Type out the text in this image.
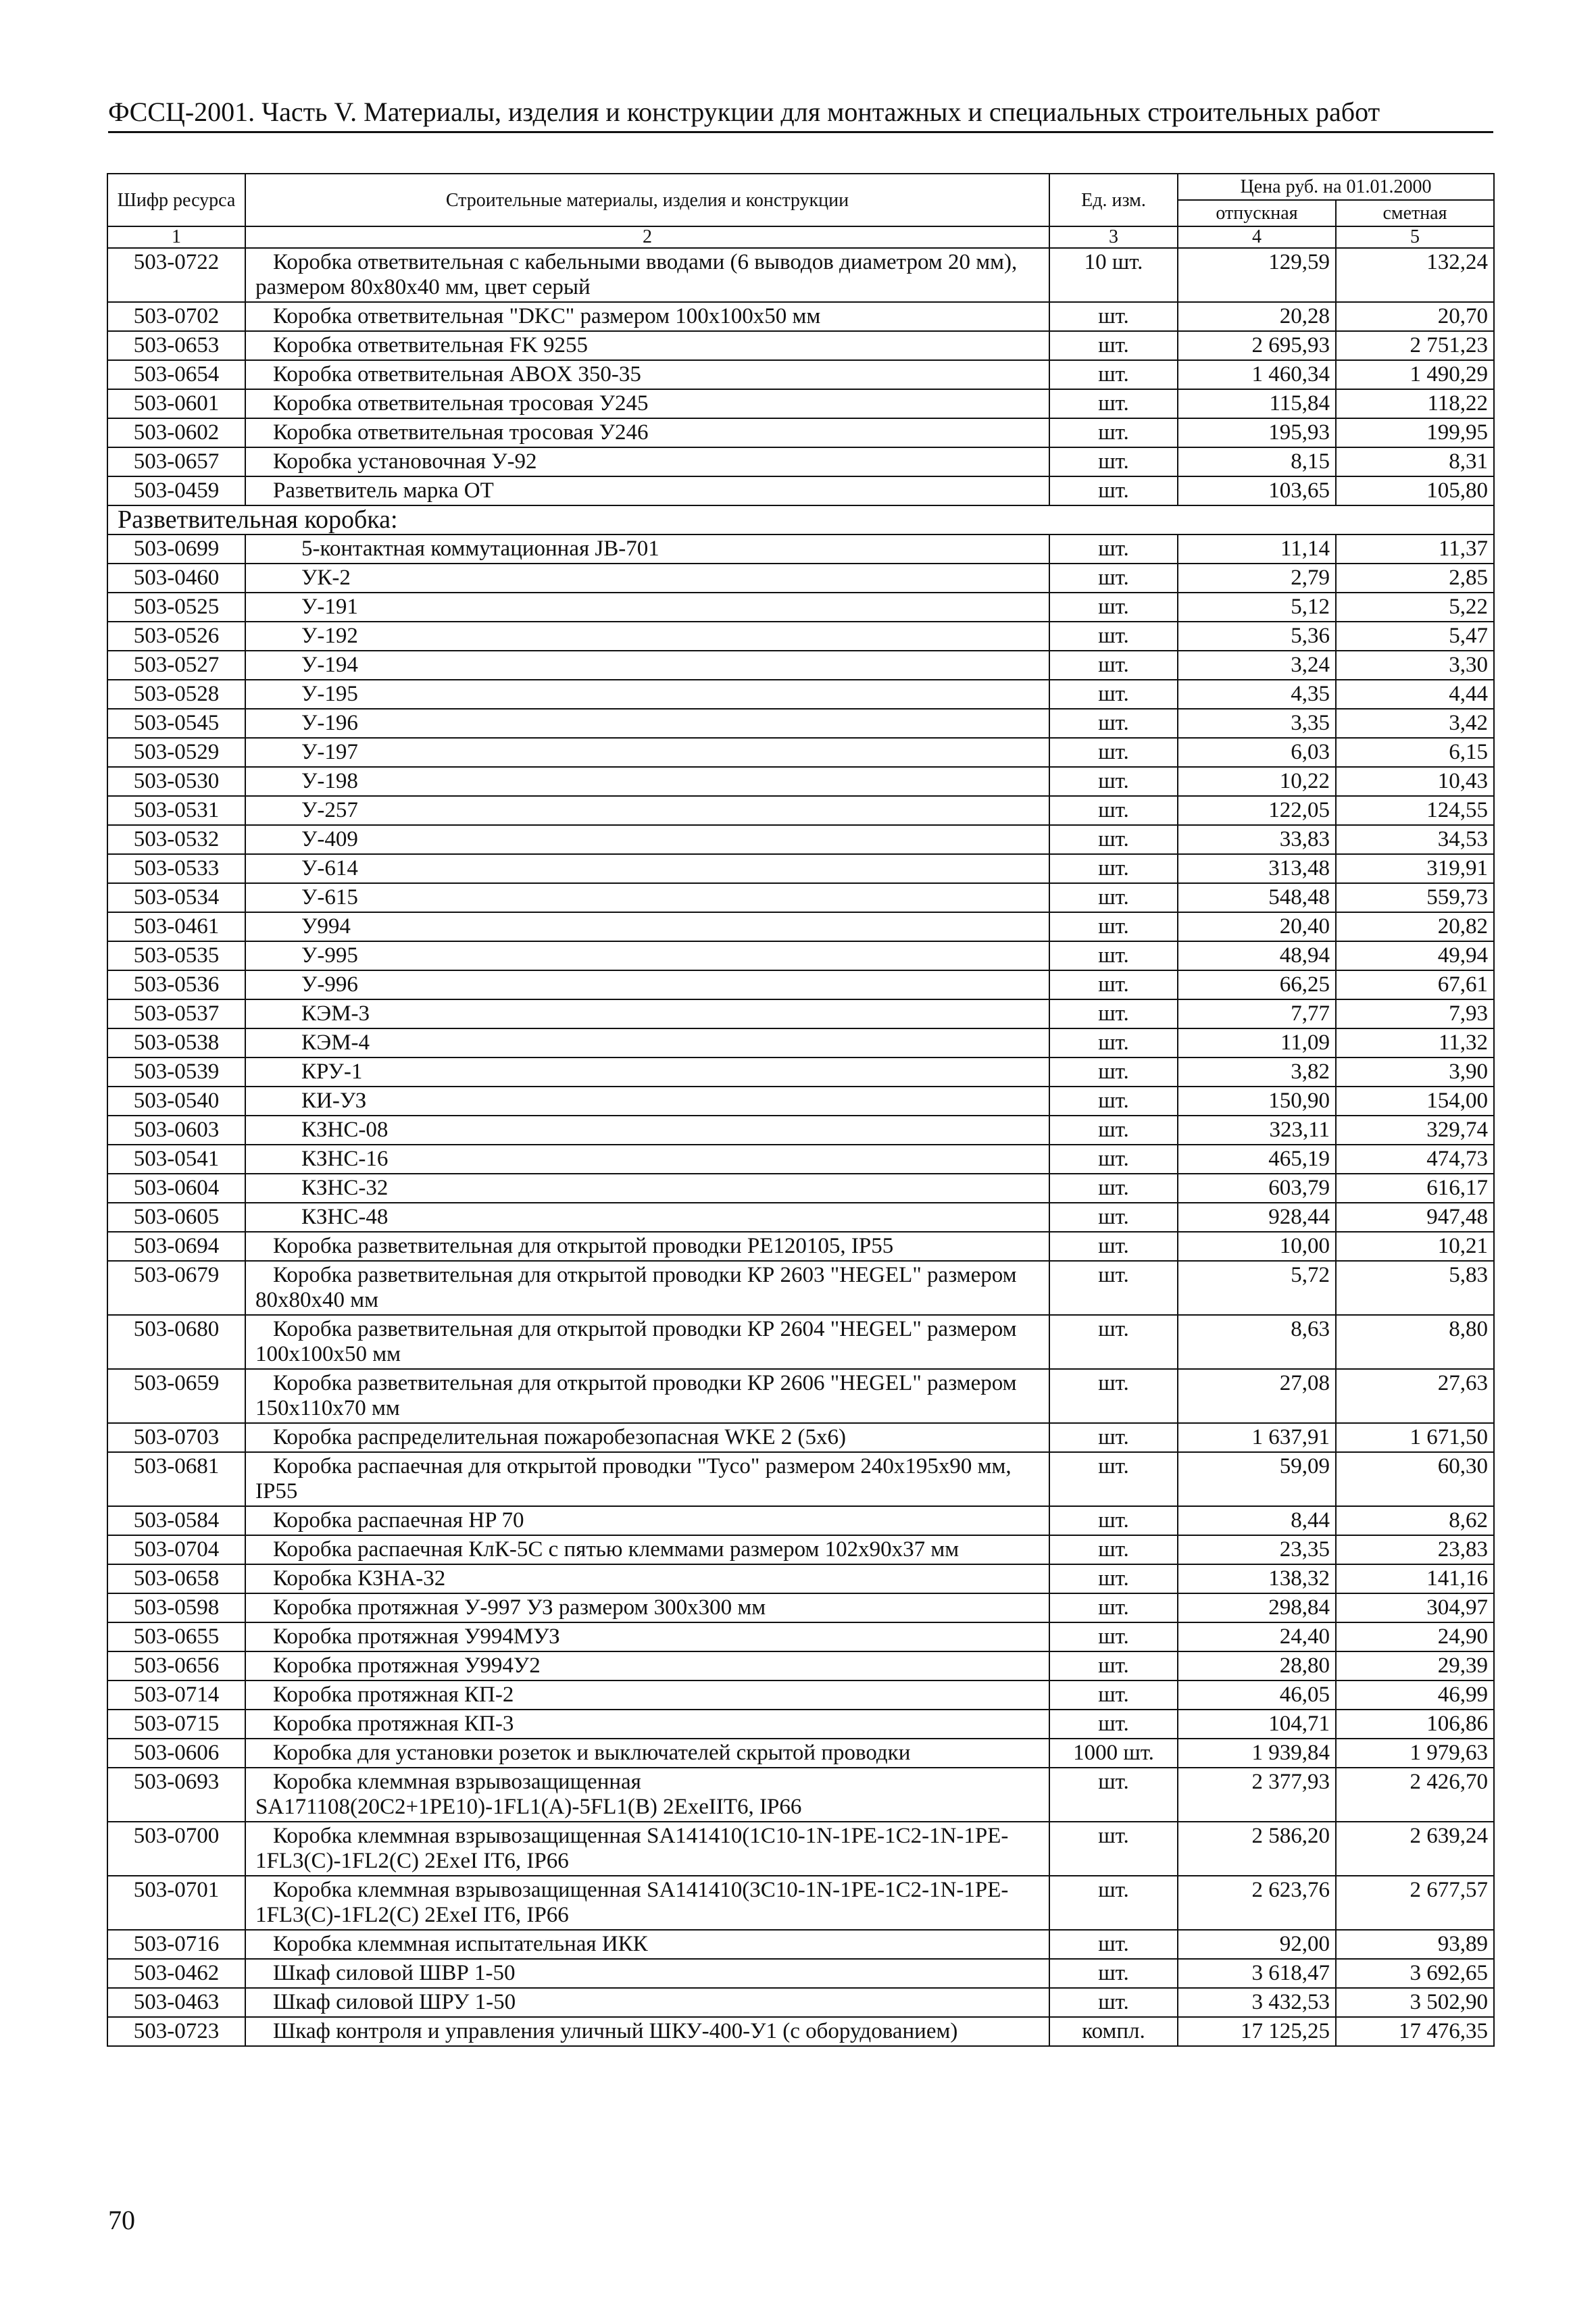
ФССЦ-2001. Часть V. Материалы, изделия и конструкции для монтажных и специальных строительных работ
Шифр ресурса	Строительные материалы, изделия и конструкции	Ед. изм.	Цена руб. на 01.01.2000	
			отпускная	сметная
1	2	3	4	5
503-0722	Коробка ответвительная с кабельными вводами (6 выводов диаметром 20 мм), размером 80x80x40 мм, цвет серый	10 шт.	129,59	132,24
503-0702	Коробка ответвительная "DKC" размером 100x100x50 мм	шт.	20,28	20,70
503-0653	Коробка ответвительная FK 9255	шт.	2 695,93	2 751,23
503-0654	Коробка ответвительная ABOX 350-35	шт.	1 460,34	1 490,29
503-0601	Коробка ответвительная тросовая У245	шт.	115,84	118,22
503-0602	Коробка ответвительная тросовая У246	шт.	195,93	199,95
503-0657	Коробка установочная У-92	шт.	8,15	8,31
503-0459	Разветвитель марка ОТ	шт.	103,65	105,80
Разветвительная коробка:				
503-0699	5-контактная коммутационная JB-701	шт.	11,14	11,37
503-0460	УК-2	шт.	2,79	2,85
503-0525	У-191	шт.	5,12	5,22
503-0526	У-192	шт.	5,36	5,47
503-0527	У-194	шт.	3,24	3,30
503-0528	У-195	шт.	4,35	4,44
503-0545	У-196	шт.	3,35	3,42
503-0529	У-197	шт.	6,03	6,15
503-0530	У-198	шт.	10,22	10,43
503-0531	У-257	шт.	122,05	124,55
503-0532	У-409	шт.	33,83	34,53
503-0533	У-614	шт.	313,48	319,91
503-0534	У-615	шт.	548,48	559,73
503-0461	У994	шт.	20,40	20,82
503-0535	У-995	шт.	48,94	49,94
503-0536	У-996	шт.	66,25	67,61
503-0537	КЭМ-3	шт.	7,77	7,93
503-0538	КЭМ-4	шт.	11,09	11,32
503-0539	КРУ-1	шт.	3,82	3,90
503-0540	КИ-УЗ	шт.	150,90	154,00
503-0603	КЗНС-08	шт.	323,11	329,74
503-0541	КЗНС-16	шт.	465,19	474,73
503-0604	КЗНС-32	шт.	603,79	616,17
503-0605	КЗНС-48	шт.	928,44	947,48
503-0694	Коробка разветвительная для открытой проводки PE120105, IP55	шт.	10,00	10,21
503-0679	Коробка разветвительная для открытой проводки КР 2603 "HEGEL" размером 80x80x40 мм	шт.	5,72	5,83
503-0680	Коробка разветвительная для открытой проводки КР 2604 "HEGEL" размером 100x100x50 мм	шт.	8,63	8,80
503-0659	Коробка разветвительная для открытой проводки КР 2606 "HEGEL" размером 150x110x70 мм	шт.	27,08	27,63
503-0703	Коробка распределительная пожаробезопасная WKE 2 (5x6)	шт.	1 637,91	1 671,50
503-0681	Коробка распаечная для открытой проводки "Tyco" размером 240x195x90 мм, IP55	шт.	59,09	60,30
503-0584	Коробка распаечная HP 70	шт.	8,44	8,62
503-0704	Коробка распаечная КлК-5С с пятью клеммами размером 102x90x37 мм	шт.	23,35	23,83
503-0658	Коробка КЗНА-32	шт.	138,32	141,16
503-0598	Коробка протяжная У-997 УЗ размером 300x300 мм	шт.	298,84	304,97
503-0655	Коробка протяжная У994МУЗ	шт.	24,40	24,90
503-0656	Коробка протяжная У994У2	шт.	28,80	29,39
503-0714	Коробка протяжная КП-2	шт.	46,05	46,99
503-0715	Коробка протяжная КП-3	шт.	104,71	106,86
503-0606	Коробка для установки розеток и выключателей скрытой проводки	1000 шт.	1 939,84	1 979,63
503-0693	Коробка клеммная взрывозащищенная SA171108(20C2+1PE10)-1FL1(A)-5FL1(B) 2ExeIIT6, IP66	шт.	2 377,93	2 426,70
503-0700	Коробка клеммная взрывозащищенная SA141410(1C10-1N-1PE-1C2-1N-1PE-1FL3(C)-1FL2(C) 2ExeI IT6, IP66	шт.	2 586,20	2 639,24
503-0701	Коробка клеммная взрывозащищенная SA141410(3C10-1N-1PE-1C2-1N-1PE-1FL3(C)-1FL2(C) 2ExeI IT6, IP66	шт.	2 623,76	2 677,57
503-0716	Коробка клеммная испытательная ИКК	шт.	92,00	93,89
503-0462	Шкаф силовой ШВР 1-50	шт.	3 618,47	3 692,65
503-0463	Шкаф силовой ШРУ 1-50	шт.	3 432,53	3 502,90
503-0723	Шкаф контроля и управления уличный ШКУ-400-У1 (с оборудованием)	компл.	17 125,25	17 476,35
70
